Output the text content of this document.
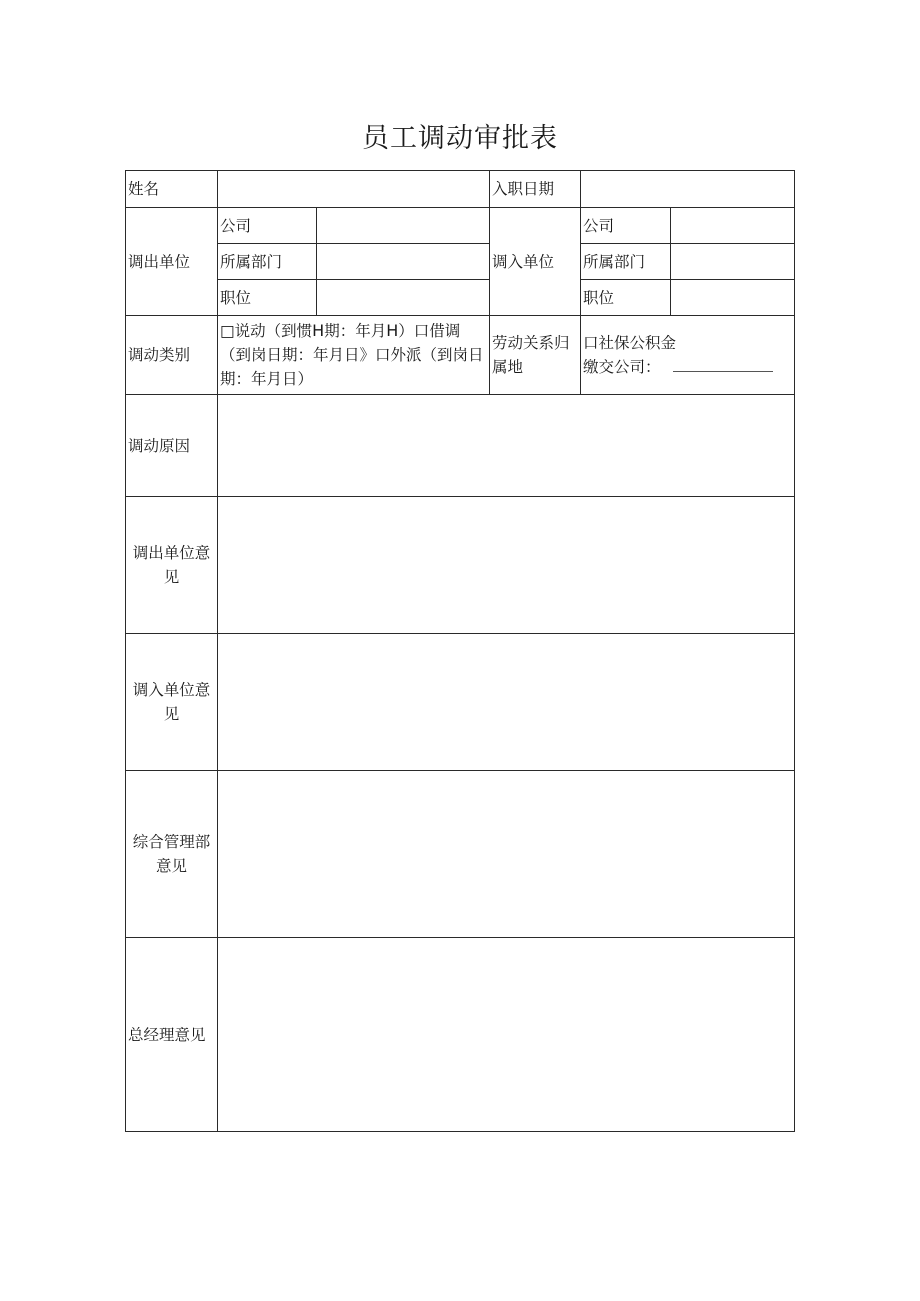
员工调动审批表
姓名			入职日期		
调出单位	公司		调入单位	公司	
	所属部门			所属部门	
	职位			职位	
调动类别	□说动（到惯H期：年月H）口借调（到岗日期：年月日》口外派（到岗日期：年月日）		劳动关系归属地	口社保公积金
缴交公司：	

调动原因					
调出单位意见					
调入单位意见					
综合管理部意见					
总经理意见					
